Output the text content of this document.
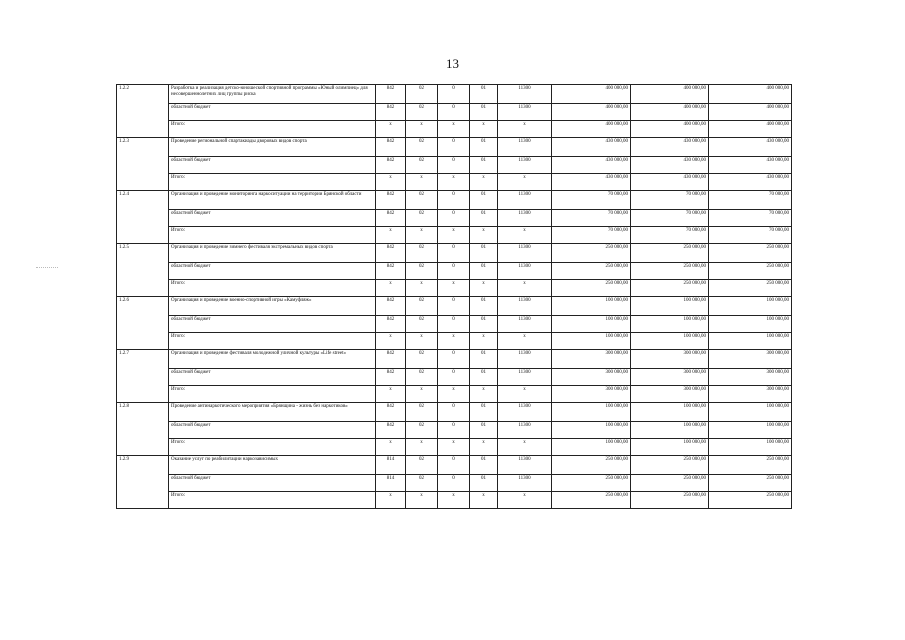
13
1.2.2	Разработка и реализация детско-юношеской спортивной программы «Юный олимпиец» для несовершеннолетних лиц группы риска	842	02	0	01	11300	400 000,00	400 000,00	400 000,00
	областной бюджет	842	02	0	01	11300	400 000,00	400 000,00	400 000,00
	Итого:	x	x	x	x	x	400 000,00	400 000,00	400 000,00
1.2.3	Проведение региональной спартакиады дворовых видов спорта	842	02	0	01	11300	430 000,00	430 000,00	430 000,00
	областной бюджет	842	02	0	01	11300	430 000,00	430 000,00	430 000,00
	Итого:	x	x	x	x	x	430 000,00	430 000,00	430 000,00
1.2.4	Организация и проведение мониторинга наркоситуации на территории Брянской области	842	02	0	01	11300	70 000,00	70 000,00	70 000,00
	областной бюджет	842	02	0	01	11300	70 000,00	70 000,00	70 000,00
	Итого:	x	x	x	x	x	70 000,00	70 000,00	70 000,00
1.2.5	Организация и проведение зимнего фестиваля экстремальных видов спорта	842	02	0	01	11300	250 000,00	250 000,00	250 000,00
	областной бюджет	842	02	0	01	11300	250 000,00	250 000,00	250 000,00
	Итого:	x	x	x	x	x	250 000,00	250 000,00	250 000,00
1.2.6	Организация и проведение военно-спортивной игры «Камуфляж»	842	02	0	01	11300	100 000,00	100 000,00	100 000,00
	областной бюджет	842	02	0	01	11300	100 000,00	100 000,00	100 000,00
	Итого:	x	x	x	x	x	100 000,00	100 000,00	100 000,00
1.2.7	Организация и проведение фестиваля молодежной уличной культуры «Life street»	842	02	0	01	11300	300 000,00	300 000,00	300 000,00
	областной бюджет	842	02	0	01	11300	300 000,00	300 000,00	300 000,00
	Итого:	x	x	x	x	x	300 000,00	300 000,00	300 000,00
1.2.8	Проведение антинаркотического мероприятия «Брянщина - жизнь без наркотиков»	842	02	0	01	11300	100 000,00	100 000,00	100 000,00
	областной бюджет	842	02	0	01	11300	100 000,00	100 000,00	100 000,00
	Итого:	x	x	x	x	x	100 000,00	100 000,00	100 000,00
1.2.9	Оказание услуг по реабилитации наркозависимых	814	02	0	01	11300	250 000,00	250 000,00	250 000,00
	областной бюджет	814	02	0	01	11300	250 000,00	250 000,00	250 000,00
	Итого:	x	x	x	x	x	250 000,00	250 000,00	250 000,00
